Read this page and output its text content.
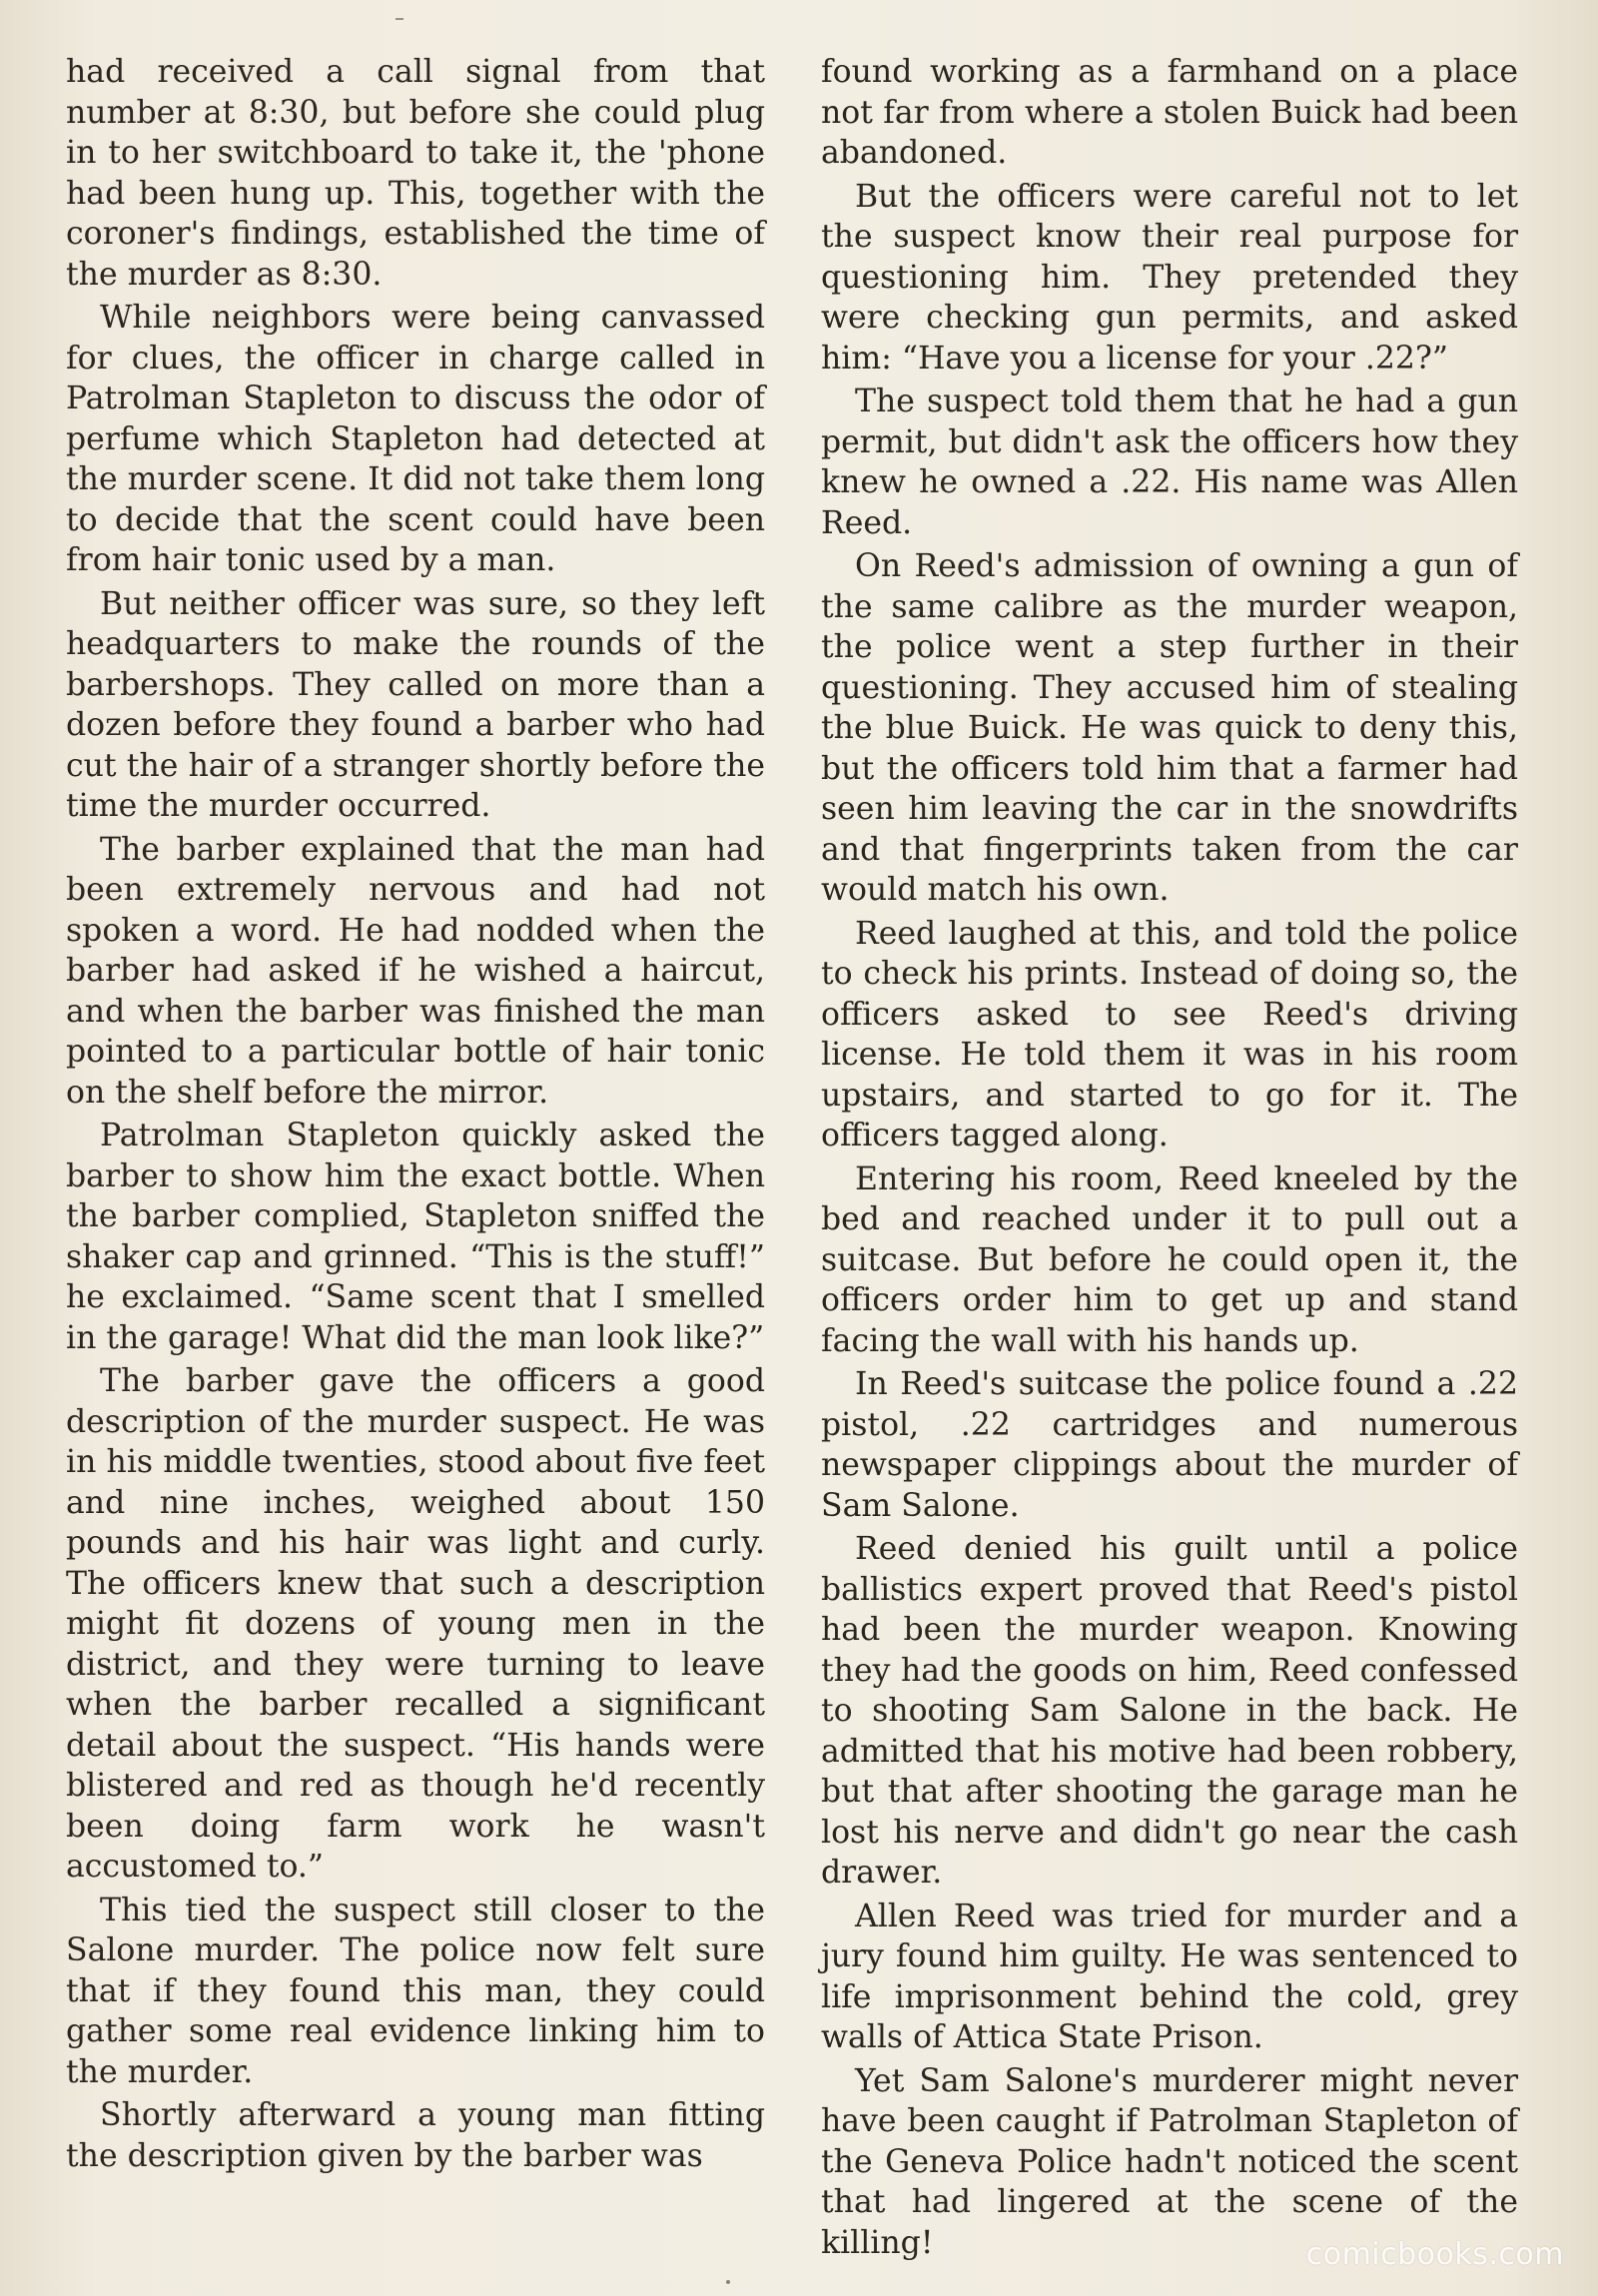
had received a call signal from that number at 8:30, but before she could plug in to her switchboard to take it, the 'phone had been hung up. This, together with the coroner's findings, established the time of the murder as 8:30.

While neighbors were being canvassed for clues, the officer in charge called in Patrolman Stapleton to discuss the odor of perfume which Stapleton had detected at the murder scene. It did not take them long to decide that the scent could have been from hair tonic used by a man.

But neither officer was sure, so they left headquarters to make the rounds of the barbershops. They called on more than a dozen before they found a barber who had cut the hair of a stranger shortly before the time the murder occurred.

The barber explained that the man had been extremely nervous and had not spoken a word. He had nodded when the barber had asked if he wished a haircut, and when the barber was finished the man pointed to a particular bottle of hair tonic on the shelf before the mirror.

Patrolman Stapleton quickly asked the barber to show him the exact bottle. When the barber complied, Stapleton sniffed the shaker cap and grinned. “This is the stuff!” he exclaimed. “Same scent that I smelled in the garage! What did the man look like?”

The barber gave the officers a good description of the murder suspect. He was in his middle twenties, stood about five feet and nine inches, weighed about 150 pounds and his hair was light and curly. The officers knew that such a description might fit dozens of young men in the district, and they were turning to leave when the barber recalled a significant detail about the suspect. “His hands were blistered and red as though he'd recently been doing farm work he wasn't accustomed to.”

This tied the suspect still closer to the Salone murder. The police now felt sure that if they found this man, they could gather some real evidence linking him to the murder.

Shortly afterward a young man fitting the description given by the barber was

found working as a farmhand on a place not far from where a stolen Buick had been abandoned.

But the officers were careful not to let the suspect know their real purpose for questioning him. They pretended they were checking gun permits, and asked him: “Have you a license for your .22?”

The suspect told them that he had a gun permit, but didn't ask the officers how they knew he owned a .22. His name was Allen Reed.

On Reed's admission of owning a gun of the same calibre as the murder weapon, the police went a step further in their questioning. They accused him of stealing the blue Buick. He was quick to deny this, but the officers told him that a farmer had seen him leaving the car in the snowdrifts and that fingerprints taken from the car would match his own.

Reed laughed at this, and told the police to check his prints. Instead of doing so, the officers asked to see Reed's driving license. He told them it was in his room upstairs, and started to go for it. The officers tagged along.

Entering his room, Reed kneeled by the bed and reached under it to pull out a suitcase. But before he could open it, the officers order him to get up and stand facing the wall with his hands up.

In Reed's suitcase the police found a .22 pistol, .22 cartridges and numerous newspaper clippings about the murder of Sam Salone.

Reed denied his guilt until a police ballistics expert proved that Reed's pistol had been the murder weapon. Knowing they had the goods on him, Reed confessed to shooting Sam Salone in the back. He admitted that his motive had been robbery, but that after shooting the garage man he lost his nerve and didn't go near the cash drawer.

Allen Reed was tried for murder and a jury found him guilty. He was sentenced to life imprisonment behind the cold, grey walls of Attica State Prison.

Yet Sam Salone's murderer might never have been caught if Patrolman Stapleton of the Geneva Police hadn't noticed the scent that had lingered at the scene of the killing!	comicbooks.com
